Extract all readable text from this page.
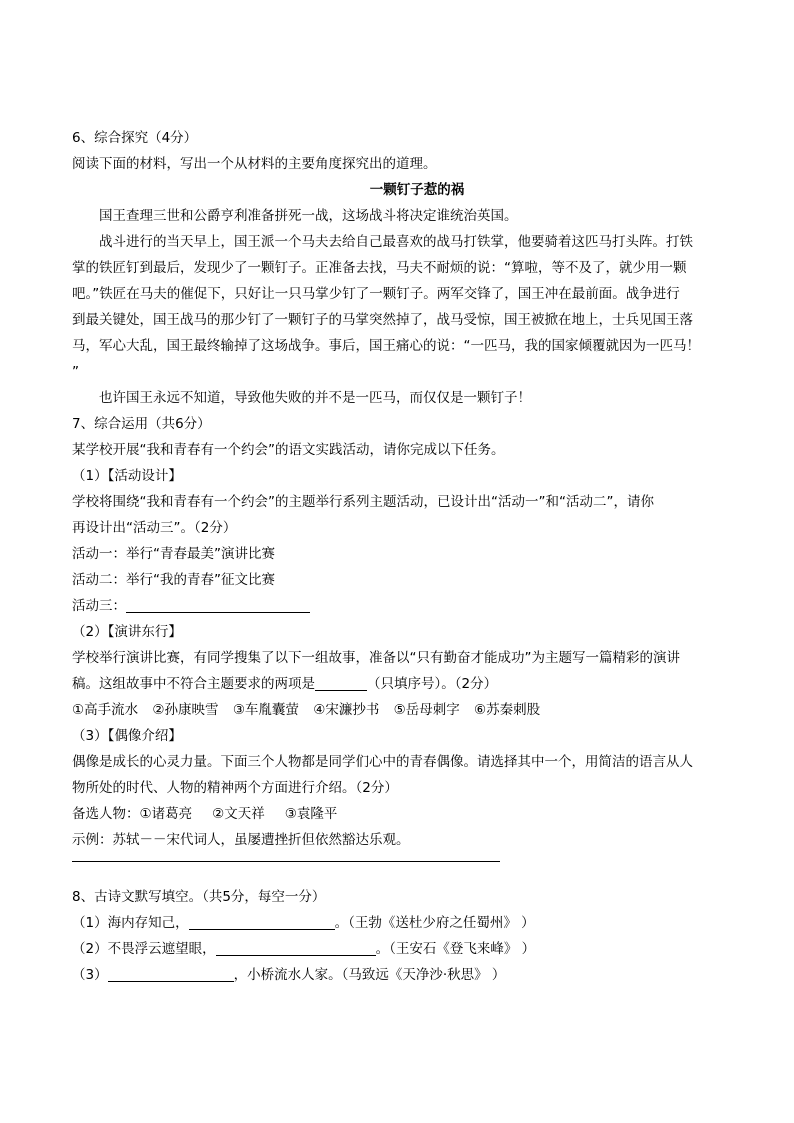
6、综合探究（4分）

阅读下面的材料，写出一个从材料的主要角度探究出的道理。

一颗钉子惹的祸

国王查理三世和公爵亨利准备拼死一战，这场战斗将决定谁统治英国。

战斗进行的当天早上，国王派一个马夫去给自己最喜欢的战马打铁掌，他要骑着这匹马打头阵。打铁

掌的铁匠钉到最后，发现少了一颗钉子。正准备去找，马夫不耐烦的说：“算啦，等不及了，就少用一颗

吧。”铁匠在马夫的催促下，只好让一只马掌少钉了一颗钉子。两军交锋了，国王冲在最前面。战争进行

到最关键处，国王战马的那少钉了一颗钉子的马掌突然掉了，战马受惊，国王被掀在地上，士兵见国王落

马，军心大乱，国王最终输掉了这场战争。事后，国王痛心的说：“一匹马，我的国家倾覆就因为一匹马！

”

也许国王永远不知道，导致他失败的并不是一匹马，而仅仅是一颗钉子！

7、综合运用（共6分）

某学校开展“我和青春有一个约会”的语文实践活动，请你完成以下任务。

（1）【活动设计】

学校将围绕“我和青春有一个约会”的主题举行系列主题活动，已设计出“活动一”和“活动二”，请你

再设计出“活动三”。（2分）

活动一：举行“青春最美”演讲比赛

活动二：举行“我的青春”征文比赛

活动三：

（2）【演讲东行】

学校举行演讲比赛，有同学搜集了以下一组故事，准备以“只有勤奋才能成功”为主题写一篇精彩的演讲

稿。这组故事中不符合主题要求的两项是	（只填序号）。（2分）

①高手流水 ②孙康映雪 ③车胤囊萤 ④宋濂抄书 ⑤岳母刺字 ⑥苏秦刺股

（3）【偶像介绍】

偶像是成长的心灵力量。下面三个人物都是同学们心中的青春偶像。请选择其中一个，用简洁的语言从人

物所处的时代、人物的精神两个方面进行介绍。（2分）

备选人物：①诸葛亮 ②文天祥 ③袁隆平

示例：苏轼－－宋代词人，虽屡遭挫折但依然豁达乐观。

8、古诗文默写填空。（共5分，每空一分）

（1）海内存知己，	。（王勃《送杜少府之任蜀州》 ）

（2）不畏浮云遮望眼，	。（王安石《登飞来峰》 ）

（3）	，小桥流水人家。（马致远《天净沙·秋思》 ）
